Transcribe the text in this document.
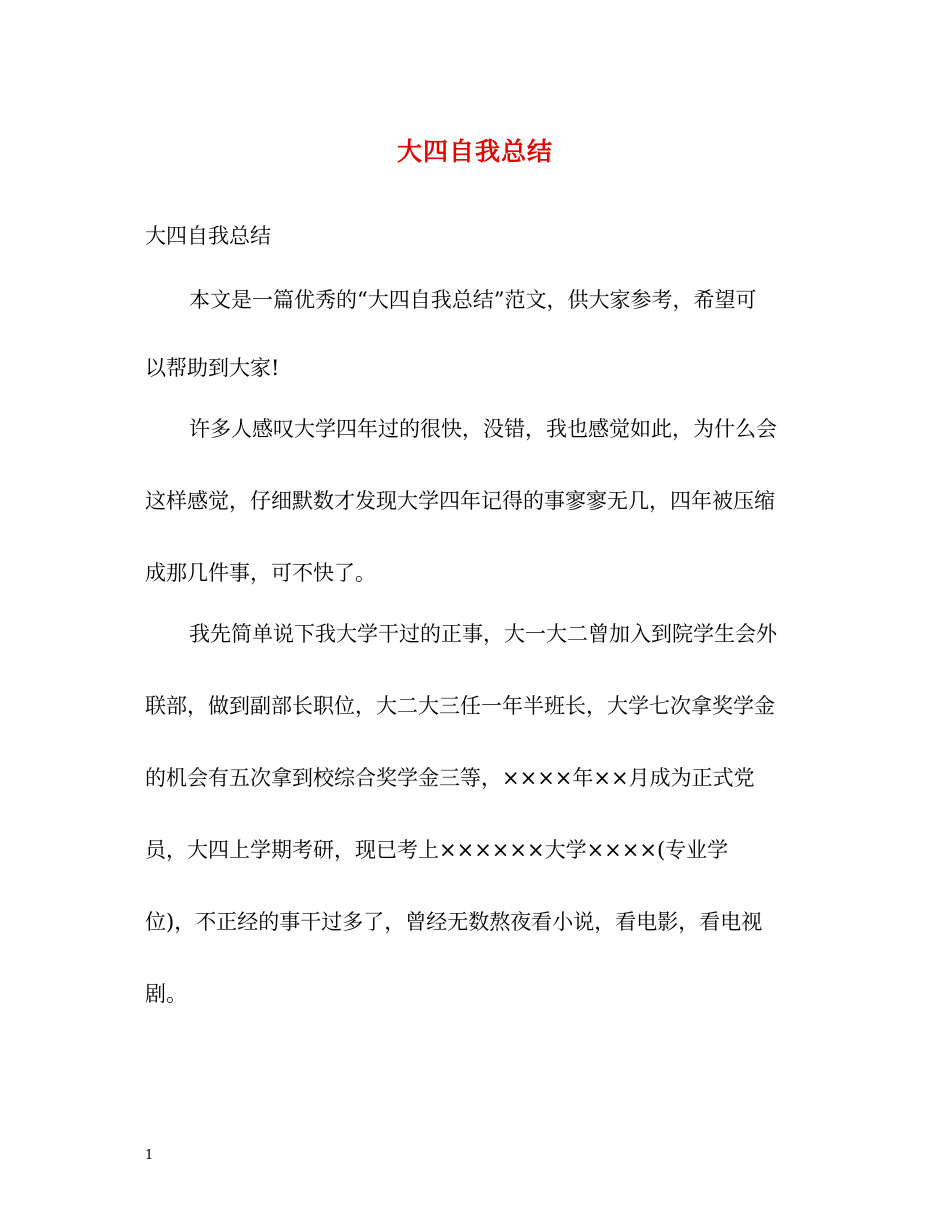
大四自我总结
大四自我总结
本文是一篇优秀的“大四自我总结”范文，供大家参考，希望可
以帮助到大家!
许多人感叹大学四年过的很快，没错，我也感觉如此，为什么会
这样感觉，仔细默数才发现大学四年记得的事寥寥无几，四年被压缩
成那几件事，可不快了。
我先简单说下我大学干过的正事，大一大二曾加入到院学生会外
联部，做到副部长职位，大二大三任一年半班长，大学七次拿奖学金
的机会有五次拿到校综合奖学金三等，××××年××月成为正式党
员，大四上学期考研，现已考上××××××大学××××(专业学
位)，不正经的事干过多了，曾经无数熬夜看小说，看电影，看电视
剧。
1
